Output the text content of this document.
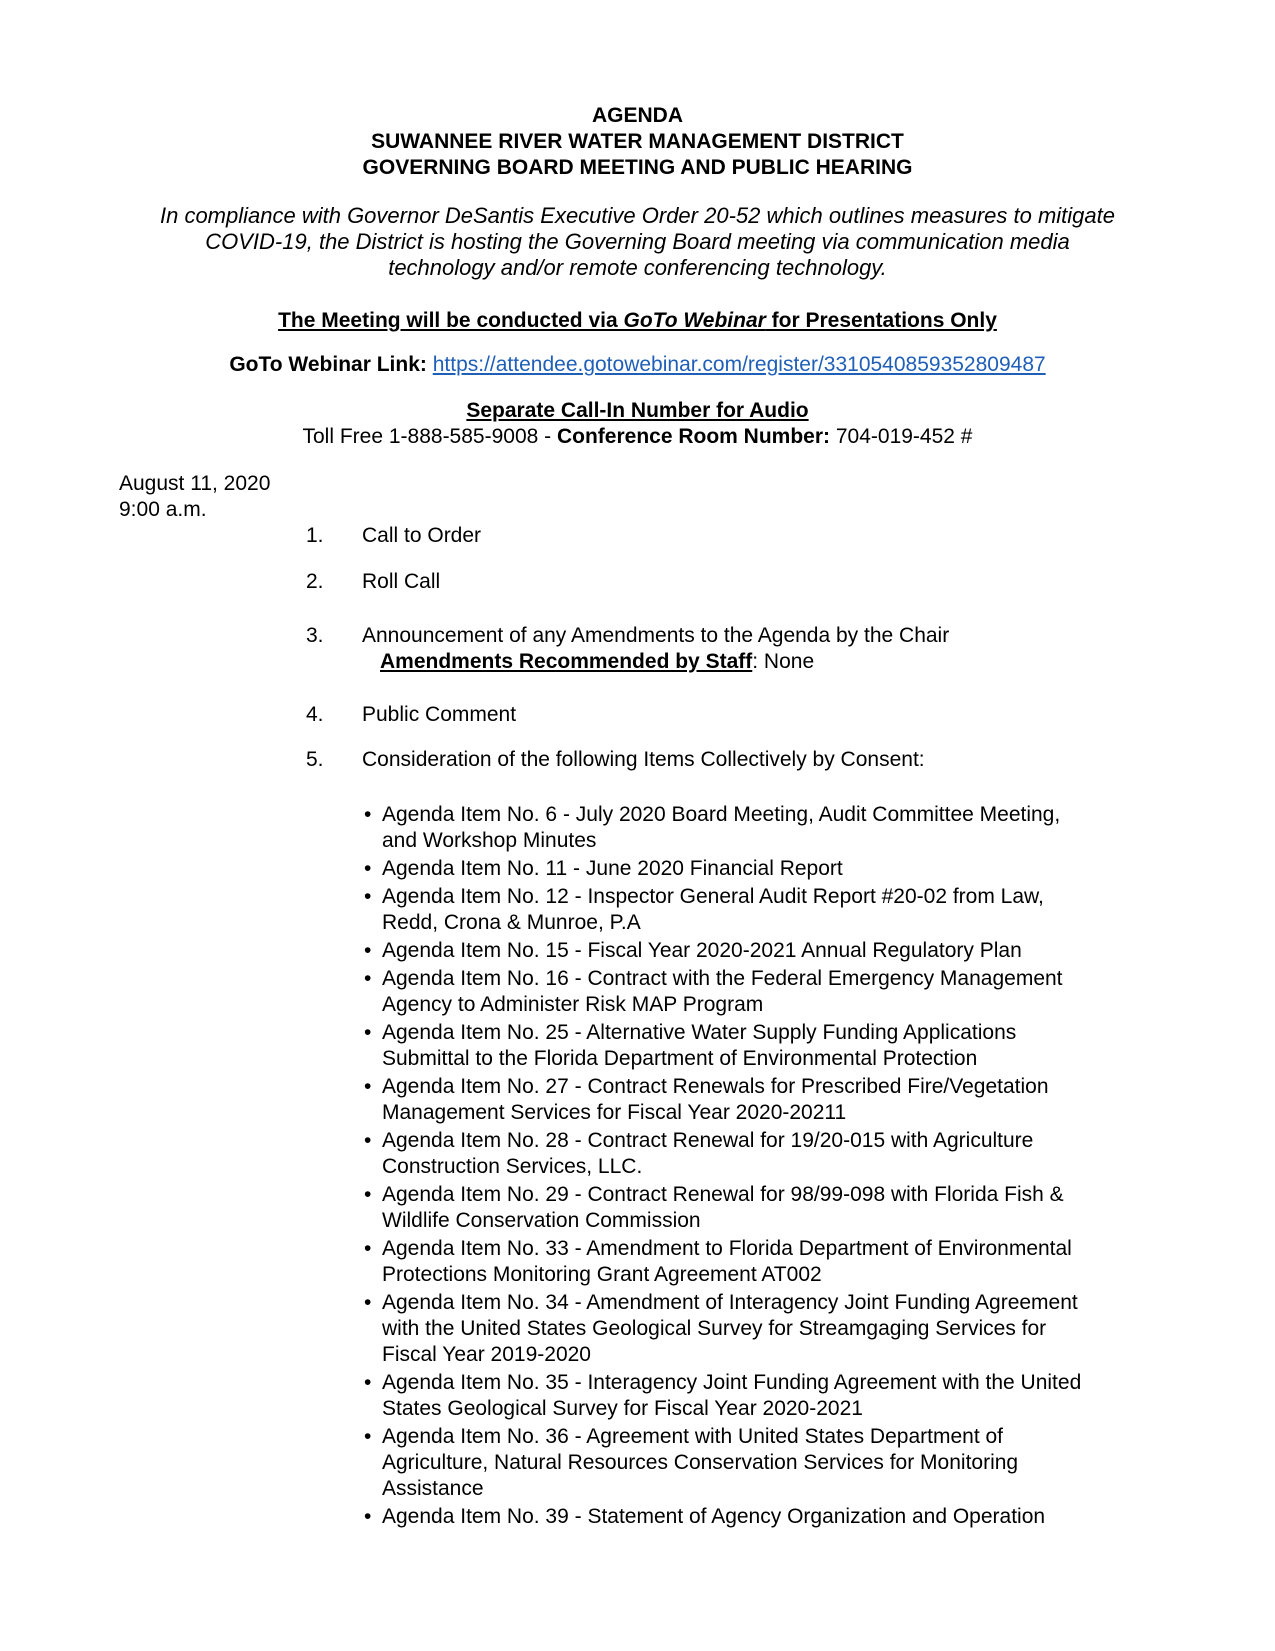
AGENDA
SUWANNEE RIVER WATER MANAGEMENT DISTRICT
GOVERNING BOARD MEETING AND PUBLIC HEARING
In compliance with Governor DeSantis Executive Order 20-52 which outlines measures to mitigate
COVID-19, the District is hosting the Governing Board meeting via communication media
technology and/or remote conferencing technology.
The Meeting will be conducted via GoTo Webinar for Presentations Only
GoTo Webinar Link: https://attendee.gotowebinar.com/register/3310540859352809487
Separate Call-In Number for Audio
Toll Free 1-888-585-9008 - Conference Room Number: 704-019-452 #
August 11, 2020
9:00 a.m.
1.	Call to Order
2.	Roll Call
3.	Announcement of any Amendments to the Agenda by the Chair
Amendments Recommended by Staff: None
4.	Public Comment
5.	Consideration of the following Items Collectively by Consent:
• Agenda Item No. 6 - July 2020 Board Meeting, Audit Committee Meeting,
and Workshop Minutes
• Agenda Item No. 11 - June 2020 Financial Report
• Agenda Item No. 12 - Inspector General Audit Report #20-02 from Law,
Redd, Crona & Munroe, P.A
• Agenda Item No. 15 - Fiscal Year 2020-2021 Annual Regulatory Plan
• Agenda Item No. 16 - Contract with the Federal Emergency Management
Agency to Administer Risk MAP Program
• Agenda Item No. 25 - Alternative Water Supply Funding Applications
Submittal to the Florida Department of Environmental Protection
• Agenda Item No. 27 - Contract Renewals for Prescribed Fire/Vegetation
Management Services for Fiscal Year 2020-20211
• Agenda Item No. 28 - Contract Renewal for 19/20-015 with Agriculture
Construction Services, LLC.
• Agenda Item No. 29 - Contract Renewal for 98/99-098 with Florida Fish &
Wildlife Conservation Commission
• Agenda Item No. 33 - Amendment to Florida Department of Environmental
Protections Monitoring Grant Agreement AT002
• Agenda Item No. 34 - Amendment of Interagency Joint Funding Agreement
with the United States Geological Survey for Streamgaging Services for
Fiscal Year 2019-2020
• Agenda Item No. 35 - Interagency Joint Funding Agreement with the United
States Geological Survey for Fiscal Year 2020-2021
• Agenda Item No. 36 - Agreement with United States Department of
Agriculture, Natural Resources Conservation Services for Monitoring
Assistance
• Agenda Item No. 39 - Statement of Agency Organization and Operation
